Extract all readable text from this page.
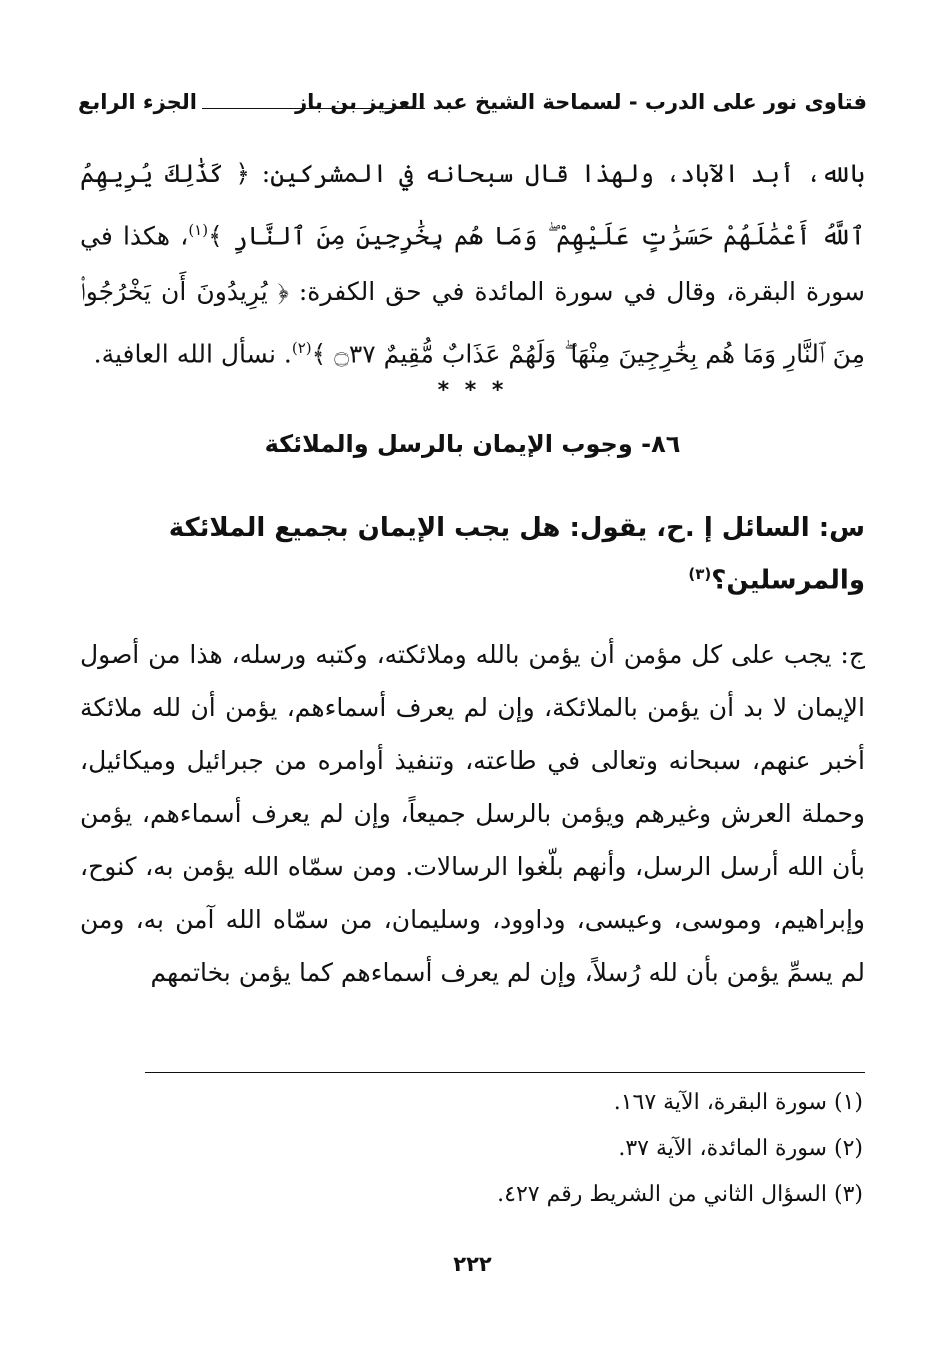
فتاوى نور على الدرب - لسماحة الشيخ عبد العزيز بن باز
الجزء الرابع

بالله، أبد الآباد، ولهذا قال سبحانه في المشركين: ﴿ كَذَٰلِكَ يُرِيهِمُ ٱللَّهُ أَعْمَٰلَهُمْ حَسَرَٰتٍ عَلَيْهِمْ ۖ وَمَا هُم بِخَٰرِجِينَ مِنَ ٱلنَّارِ ﴾$^{(١)}$، هكذا في سورة البقرة، وقال في سورة المائدة في حق الكفرة: ﴿ يُرِيدُونَ أَن يَخْرُجُوا۟ مِنَ ٱلنَّارِ وَمَا هُم بِخَٰرِجِينَ مِنْهَا ۖ وَلَهُمْ عَذَابٌ مُّقِيمٌ ۝٣٧ ﴾$^{(٢)}$. نسأل الله العافية.

* * *
٨٦- وجوب الإيمان بالرسل والملائكة
س: السائل إ .ح، يقول: هل يجب الإيمان بجميع الملائكة والمرسلين؟$^{(٣)}$

ج: يجب على كل مؤمن أن يؤمن بالله وملائكته، وكتبه ورسله، هذا من أصول الإيمان لا بد أن يؤمن بالملائكة، وإن لم يعرف أسماءهم، يؤمن أن لله ملائكة أخبر عنهم، سبحانه وتعالى في طاعته، وتنفيذ أوامره من جبرائيل وميكائيل، وحملة العرش وغيرهم ويؤمن بالرسل جميعاً، وإن لم يعرف أسماءهم، يؤمن بأن الله أرسل الرسل، وأنهم بلّغوا الرسالات. ومن سمّاه الله يؤمن به، كنوح، وإبراهيم، وموسى، وعيسى، وداوود، وسليمان، من سمّاه الله آمن به، ومن لم يسمِّ يؤمن بأن لله رُسلاً، وإن لم يعرف أسماءهم كما يؤمن بخاتمهم

(١) سورة البقرة، الآية ١٦٧.
(٢) سورة المائدة، الآية ٣٧.
(٣) السؤال الثاني من الشريط رقم ٤٢٧.
٢٢٢
